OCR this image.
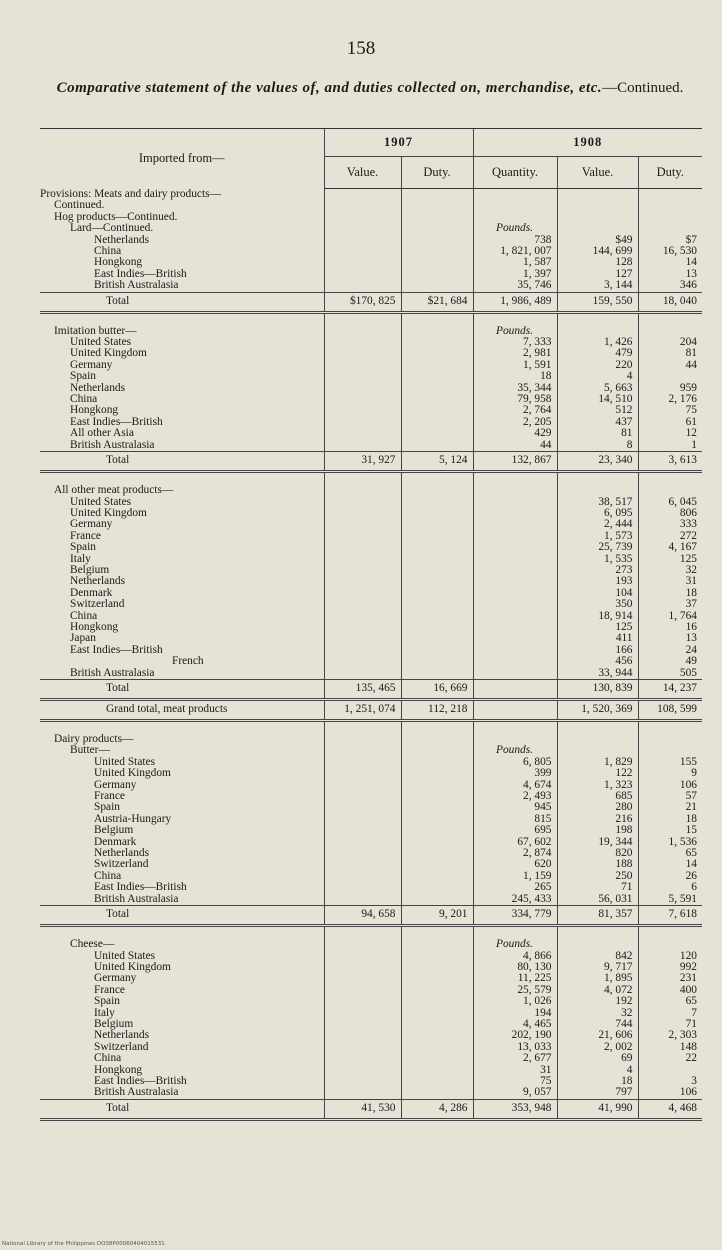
158
Comparative statement of the values of, and duties collected on, merchandise, etc.—Continued.
Imported from—	1907		1908		
	Value.	Duty.	Quantity.	Value.	Duty.
Provisions: Meats and dairy products—					
Continued.					
Hog products—Continued.					
Lard—Continued.			Pounds.		
Netherlands			738	$49	$7
China			1, 821, 007	144, 699	16, 530
Hongkong			1, 587	128	14
East Indies—British			1, 397	127	13
British Australasia			35, 746	3, 144	346
Total	$170, 825	$21, 684	1, 986, 489	159, 550	18, 040

Imitation butter—			Pounds.		
United States			7, 333	1, 426	204
United Kingdom			2, 981	479	81
Germany			1, 591	220	44
Spain			18	4	
Netherlands			35, 344	5, 663	959
China			79, 958	14, 510	2, 176
Hongkong			2, 764	512	75
East Indies—British			2, 205	437	61
All other Asia			429	81	12
British Australasia			44	8	1
Total	31, 927	5, 124	132, 867	23, 340	3, 613

All other meat products—					
United States				38, 517	6, 045
United Kingdom				6, 095	806
Germany				2, 444	333
France				1, 573	272
Spain				25, 739	4, 167
Italy				1, 535	125
Belgium				273	32
Netherlands				193	31
Denmark				104	18
Switzerland				350	37
China				18, 914	1, 764
Hongkong				125	16
Japan				411	13
East Indies—British				166	24
French				456	49
British Australasia				33, 944	505
Total	135, 465	16, 669		130, 839	14, 237
Grand total, meat products	1, 251, 074	112, 218		1, 520, 369	108, 599

Dairy products—					
Butter—			Pounds.		
United States			6, 805	1, 829	155
United Kingdom			399	122	9
Germany			4, 674	1, 323	106
France			2, 493	685	57
Spain			945	280	21
Austria-Hungary			815	216	18
Belgium			695	198	15
Denmark			67, 602	19, 344	1, 536
Netherlands			2, 874	820	65
Switzerland			620	188	14
China			1, 159	250	26
East Indies—British			265	71	6
British Australasia			245, 433	56, 031	5, 591
Total	94, 658	9, 201	334, 779	81, 357	7, 618

Cheese—			Pounds.		
United States			4, 866	842	120
United Kingdom			80, 130	9, 717	992
Germany			11, 225	1, 895	231
France			25, 579	4, 072	400
Spain			1, 026	192	65
Italy			194	32	7
Belgium			4, 465	744	71
Netherlands			202, 190	21, 606	2, 303
Switzerland			13, 033	2, 002	148
China			2, 677	69	22
Hongkong			31	4	
East Indies—British			75	18	3
British Australasia			9, 057	797	106
Total	41, 530	4, 286	353, 948	41, 990	4, 468
National Library of the Philippines DO38P00060404015531
